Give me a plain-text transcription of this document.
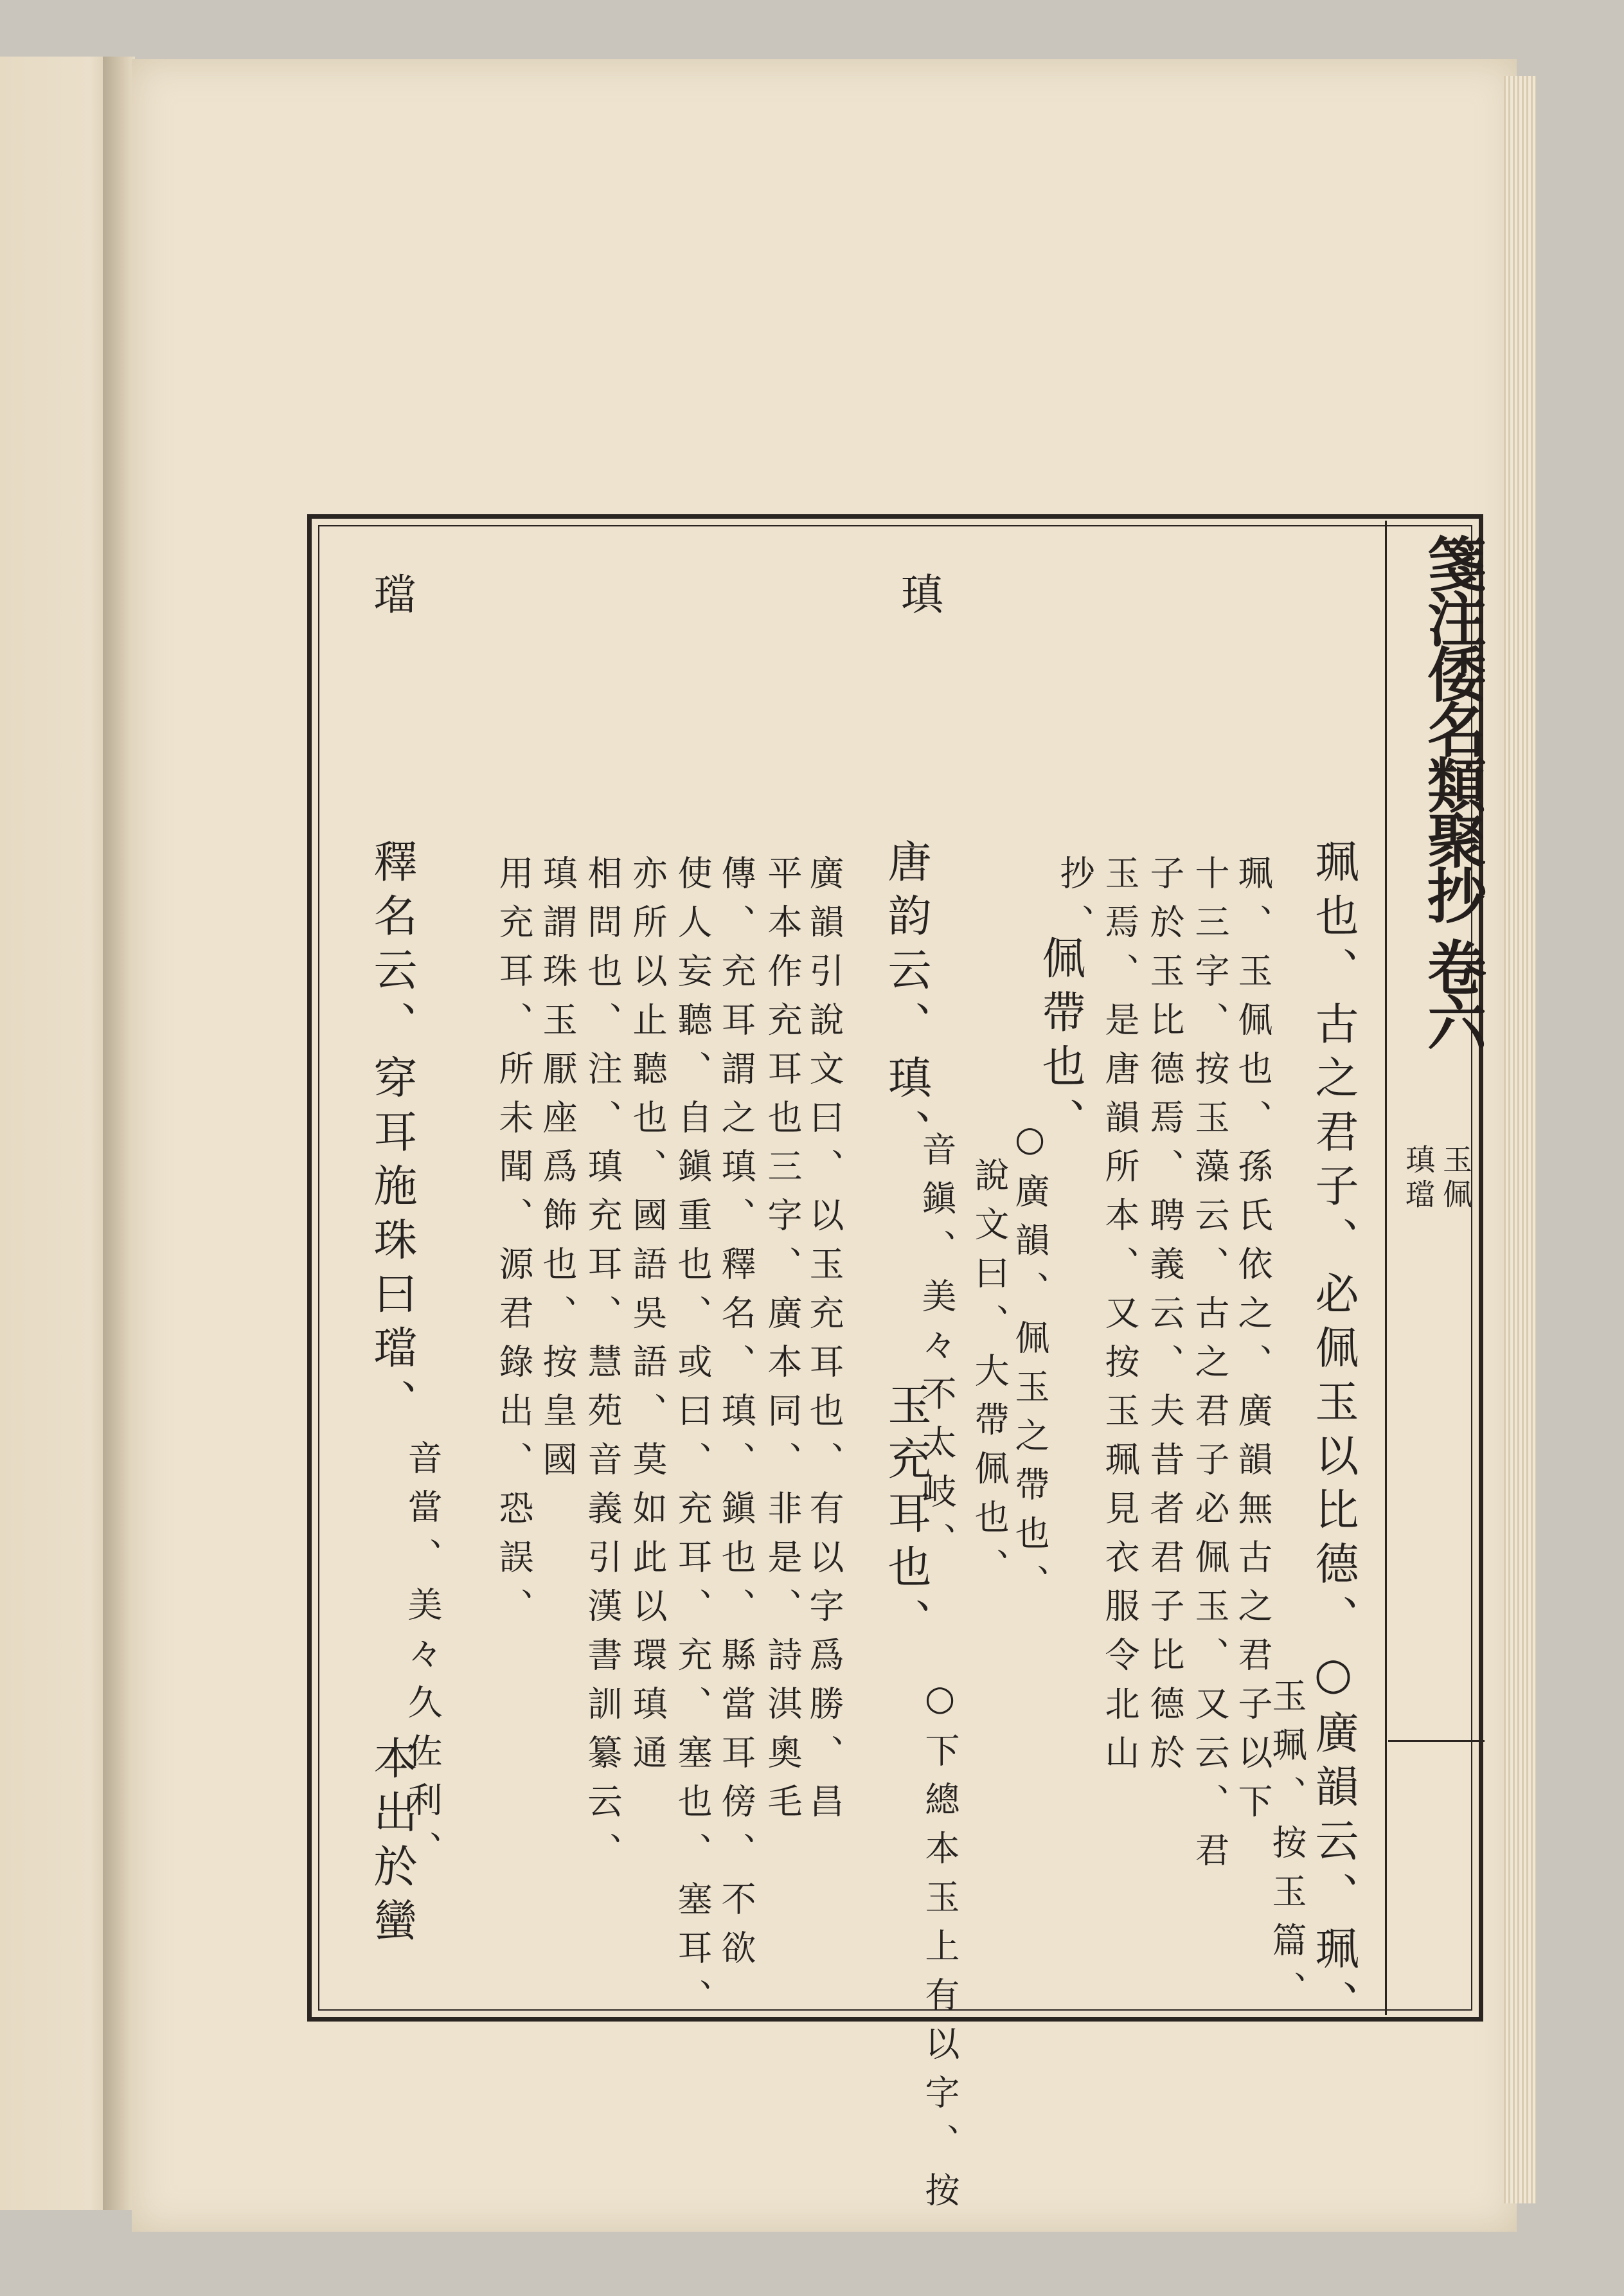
箋注倭名類聚抄 卷六
玉佩
瑱璫
珮也、古之君子、必佩玉以比德、○廣韻云、珮、
玉珮、按玉篇、
珮、玉佩也、孫氏依之、廣韻無古之君子以下
十三字、按玉藻云、古之君子必佩玉、又云、君
子於玉比德焉、聘義云、夫昔者君子比德於
玉焉、是唐韻所本、又按玉珮見衣服令北山
抄、
佩帶也、
○廣韻、佩玉之帶也、
說文曰、大帶佩也、
瑱
唐韵云、瑱、
音鎭、美々不太岐、
玉充耳也、
○下總本玉上有以字、按
廣韻引說文曰、以玉充耳也、有以字爲勝、昌
平本作充耳也三字、廣本同、非是、詩淇奧毛
傳、充耳謂之瑱、釋名、瑱、鎭也、縣當耳傍、不欲
使人妄聽、自鎭重也、或曰、充耳、充、塞也、塞耳、
亦所以止聽也、國語吳語、莫如此以環瑱通
相問也、注、瑱充耳、慧苑音義引漢書訓纂云、
瑱謂珠玉厭座爲飾也、按皇國
用充耳、所未聞、源君錄出、恐誤、
璫
釋名云、穿耳施珠曰璫、
音當、美々久佐利、
本出於蠻
